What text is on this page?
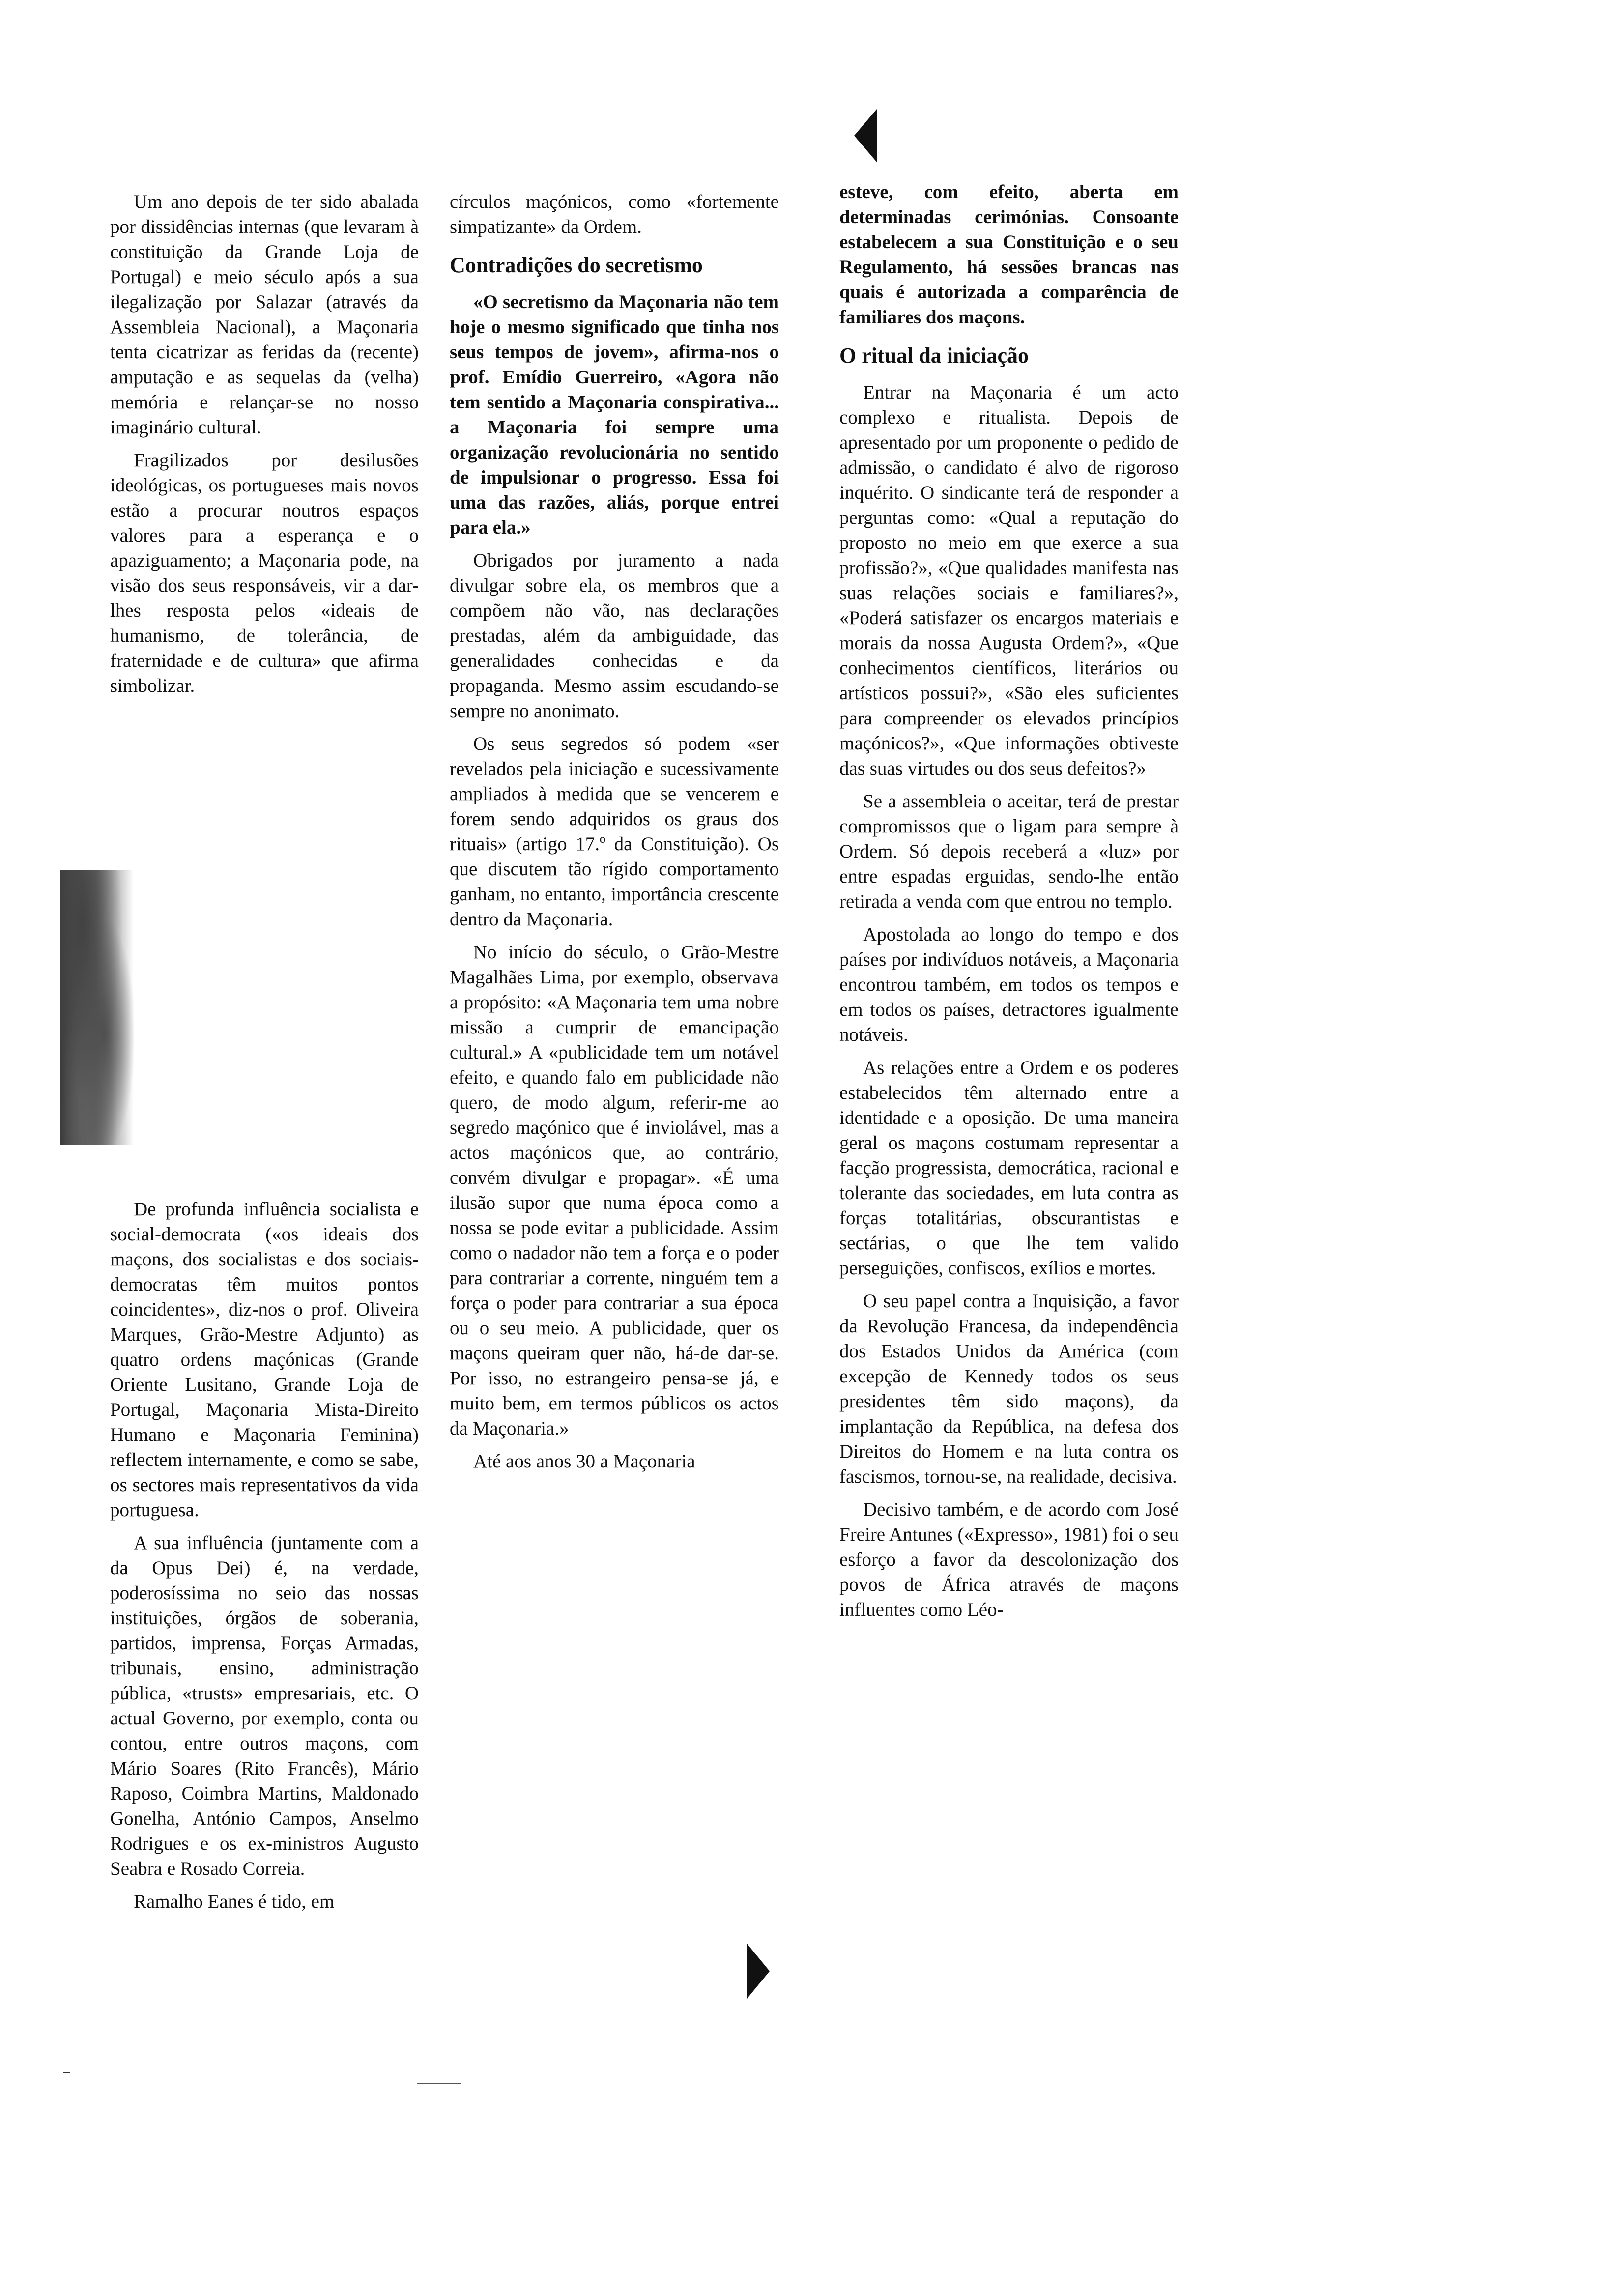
Um ano depois de ter sido abalada por dissidências internas (que levaram à constituição da Grande Loja de Portugal) e meio século após a sua ilegalização por Salazar (através da Assembleia Nacional), a Maçonaria tenta cicatrizar as feridas da (recente) amputação e as sequelas da (velha) memória e relançar-se no nosso imaginário cultural.

Fragilizados por desilusões ideológicas, os portugueses mais novos estão a procurar noutros espaços valores para a esperança e o apaziguamento; a Maçonaria pode, na visão dos seus responsáveis, vir a dar-lhes resposta pelos «ideais de humanismo, de tolerância, de fraternidade e de cultura» que afirma simbolizar.

De profunda influência socialista e social-democrata («os ideais dos maçons, dos socialistas e dos sociais-democratas têm muitos pontos coincidentes», diz-nos o prof. Oliveira Marques, Grão-Mestre Adjunto) as quatro ordens maçónicas (Grande Oriente Lusitano, Grande Loja de Portugal, Maçonaria Mista-Direito Humano e Maçonaria Feminina) reflectem internamente, e como se sabe, os sectores mais representativos da vida portuguesa.

A sua influência (juntamente com a da Opus Dei) é, na verdade, poderosíssima no seio das nossas instituições, órgãos de soberania, partidos, imprensa, Forças Armadas, tribunais, ensino, administração pública, «trusts» empresariais, etc. O actual Governo, por exemplo, conta ou contou, entre outros maçons, com Mário Soares (Rito Francês), Mário Raposo, Coimbra Martins, Maldonado Gonelha, António Campos, Anselmo Rodrigues e os ex-ministros Augusto Seabra e Rosado Correia.

Ramalho Eanes é tido, em

círculos maçónicos, como «fortemente simpatizante» da Ordem.

Contradições do secretismo

«O secretismo da Maçonaria não tem hoje o mesmo significado que tinha nos seus tempos de jovem», afirma-nos o prof. Emídio Guerreiro, «Agora não tem sentido a Maçonaria conspirativa... a Maçonaria foi sempre uma organização revolucionária no sentido de impulsionar o progresso. Essa foi uma das razões, aliás, porque entrei para ela.»

Obrigados por juramento a nada divulgar sobre ela, os membros que a compõem não vão, nas declarações prestadas, além da ambiguidade, das generalidades conhecidas e da propaganda. Mesmo assim escudando-se sempre no anonimato.

Os seus segredos só podem «ser revelados pela iniciação e sucessivamente ampliados à medida que se vencerem e forem sendo adquiridos os graus dos rituais» (artigo 17.º da Constituição). Os que discutem tão rígido comportamento ganham, no entanto, importância crescente dentro da Maçonaria.

No início do século, o Grão-Mestre Magalhães Lima, por exemplo, observava a propósito: «A Maçonaria tem uma nobre missão a cumprir de emancipação cultural.» A «publicidade tem um notável efeito, e quando falo em publicidade não quero, de modo algum, referir-me ao segredo maçónico que é inviolável, mas a actos maçónicos que, ao contrário, convém divulgar e propagar». «É uma ilusão supor que numa época como a nossa se pode evitar a publicidade. Assim como o nadador não tem a força e o poder para contrariar a corrente, ninguém tem a força o poder para contrariar a sua época ou o seu meio. A publicidade, quer os maçons queiram quer não, há-de dar-se. Por isso, no estrangeiro pensa-se já, e muito bem, em termos públicos os actos da Maçonaria.»

Até aos anos 30 a Maçonaria

esteve, com efeito, aberta em determinadas cerimónias. Consoante estabelecem a sua Constituição e o seu Regulamento, há sessões brancas nas quais é autorizada a comparência de familiares dos maçons.

O ritual da iniciação

Entrar na Maçonaria é um acto complexo e ritualista. Depois de apresentado por um proponente o pedido de admissão, o candidato é alvo de rigoroso inquérito. O sindicante terá de responder a perguntas como: «Qual a reputação do proposto no meio em que exerce a sua profissão?», «Que qualidades manifesta nas suas relações sociais e familiares?», «Poderá satisfazer os encargos materiais e morais da nossa Augusta Ordem?», «Que conhecimentos científicos, literários ou artísticos possui?», «São eles suficientes para compreender os elevados princípios maçónicos?», «Que informações obtiveste das suas virtudes ou dos seus defeitos?»

Se a assembleia o aceitar, terá de prestar compromissos que o ligam para sempre à Ordem. Só depois receberá a «luz» por entre espadas erguidas, sendo-lhe então retirada a venda com que entrou no templo.

Apostolada ao longo do tempo e dos países por indivíduos notáveis, a Maçonaria encontrou também, em todos os tempos e em todos os países, detractores igualmente notáveis.

As relações entre a Ordem e os poderes estabelecidos têm alternado entre a identidade e a oposição. De uma maneira geral os maçons costumam representar a facção progressista, democrática, racional e tolerante das sociedades, em luta contra as forças totalitárias, obscurantistas e sectárias, o que lhe tem valido perseguições, confiscos, exílios e mortes.

O seu papel contra a Inquisição, a favor da Revolução Francesa, da independência dos Estados Unidos da América (com excepção de Kennedy todos os seus presidentes têm sido maçons), da implantação da República, na defesa dos Direitos do Homem e na luta contra os fascismos, tornou-se, na realidade, decisiva.

Decisivo também, e de acordo com José Freire Antunes («Expresso», 1981) foi o seu esforço a favor da descolonização dos povos de África através de maçons influentes como Léo-
